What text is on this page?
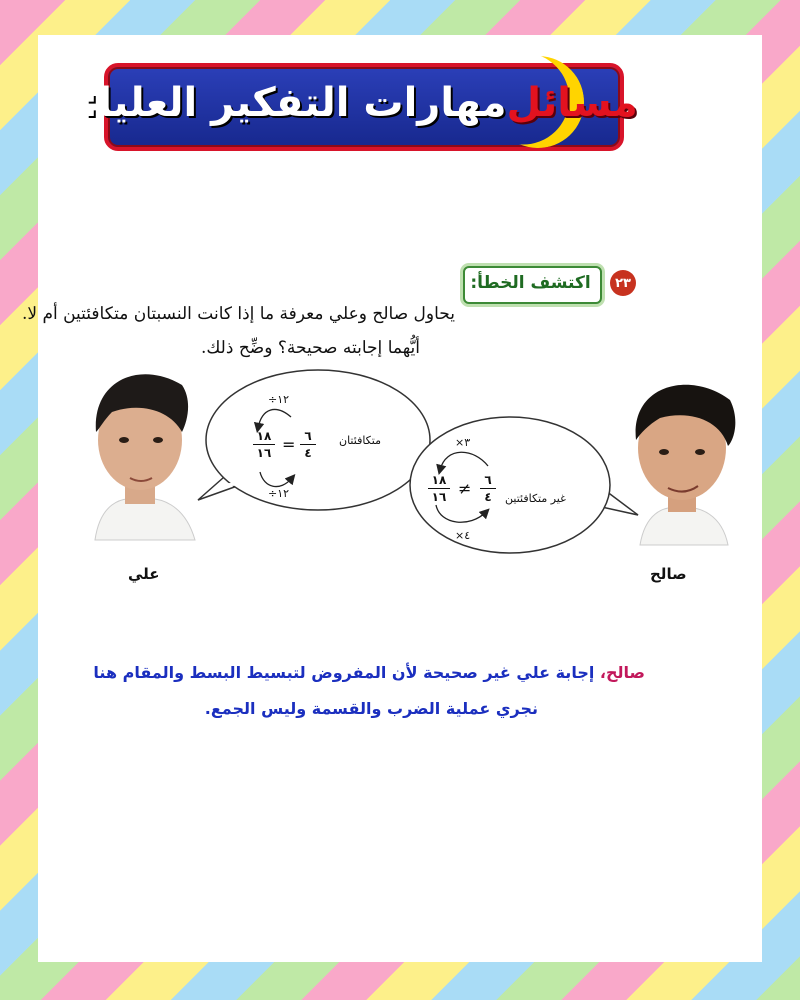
مسائل
مهارات التفكير العليا:
٢٣
اكتشف الخطأ:
يحاول صالح وعلي معرفة ما إذا كانت النسبتان متكافئتين أم لا.
أيُّهما إجابته صحيحة؟ وضِّح ذلك.
متكافئتان
÷١٢
÷١٢
١٨
١٦ = ٦
٤
غير متكافئتين
×٣
×٤
١٨
١٦ ≠	٦
٤
علي	صالح
صالح، إجابة علي غير صحيحة لأن المفروض لتبسيط البسط والمقام هنا
نجري عملية الضرب والقسمة وليس الجمع.
